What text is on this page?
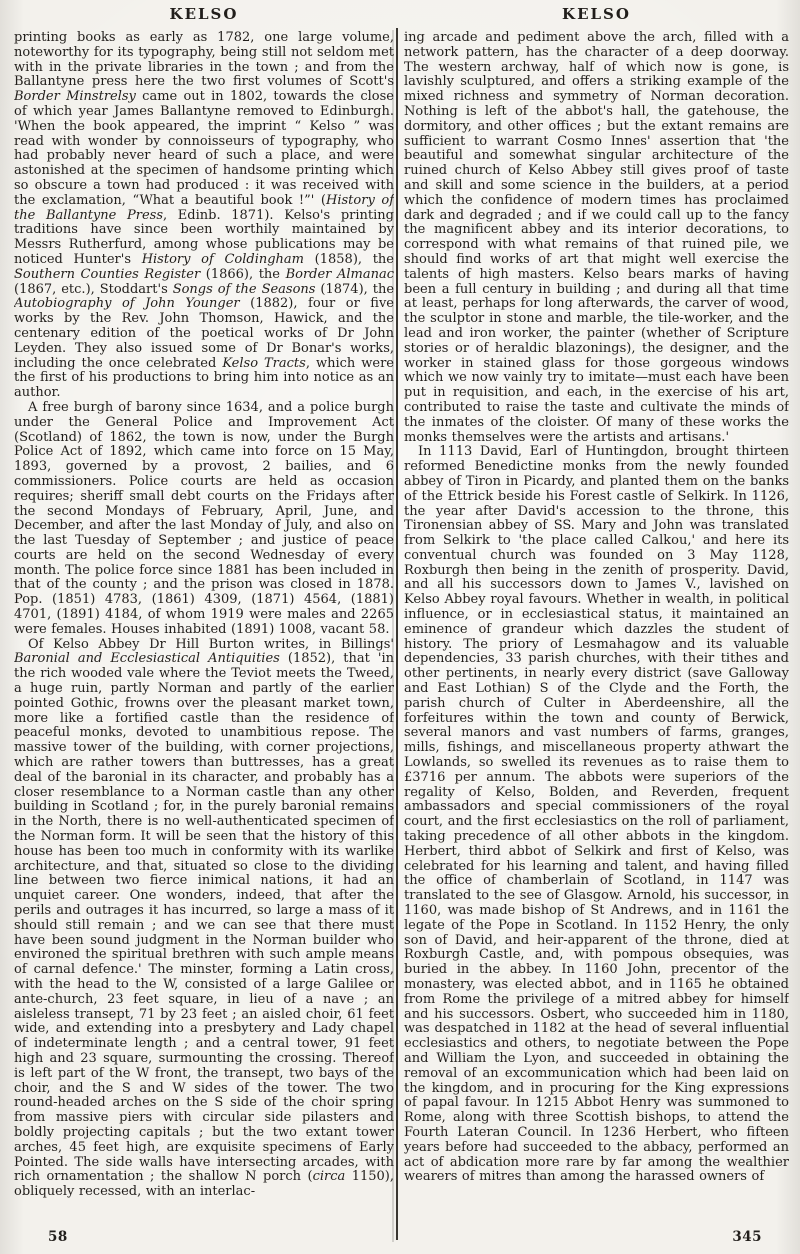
KELSO	KELSO

printing books as early as 1782, one large volume, noteworthy for its typography, being still not seldom met with in the private libraries in the town ; and from the Ballantyne press here the two first volumes of Scott's Border Minstrelsy came out in 1802, towards the close of which year James Ballantyne removed to Edinburgh. 'When the book appeared, the imprint “ Kelso ” was read with wonder by connoisseurs of typography, who had probably never heard of such a place, and were astonished at the specimen of handsome printing which so obscure a town had produced : it was received with the exclamation, “What a beautiful book !”' (History of the Ballantyne Press, Edinb. 1871). Kelso's printing traditions have since been worthily maintained by Messrs Rutherfurd, among whose publications may be noticed Hunter's History of Coldingham (1858), the Southern Counties Register (1866), the Border Almanac (1867, etc.), Stoddart's Songs of the Seasons (1874), the Autobiography of John Younger (1882), four or five works by the Rev. John Thomson, Hawick, and the centenary edition of the poetical works of Dr John Leyden. They also issued some of Dr Bonar's works, including the once celebrated Kelso Tracts, which were the first of his productions to bring him into notice as an author.

A free burgh of barony since 1634, and a police burgh under the General Police and Improvement Act (Scotland) of 1862, the town is now, under the Burgh Police Act of 1892, which came into force on 15 May, 1893, governed by a provost, 2 bailies, and 6 commissioners. Police courts are held as occasion requires; sheriff small debt courts on the Fridays after the second Mondays of February, April, June, and December, and after the last Monday of July, and also on the last Tuesday of September ; and justice of peace courts are held on the second Wednesday of every month. The police force since 1881 has been included in that of the county ; and the prison was closed in 1878. Pop. (1851) 4783, (1861) 4309, (1871) 4564, (1881) 4701, (1891) 4184, of whom 1919 were males and 2265 were females. Houses inhabited (1891) 1008, vacant 58.

Of Kelso Abbey Dr Hill Burton writes, in Billings' Baronial and Ecclesiastical Antiquities (1852), that 'in the rich wooded vale where the Teviot meets the Tweed, a huge ruin, partly Norman and partly of the earlier pointed Gothic, frowns over the pleasant market town, more like a fortified castle than the residence of peaceful monks, devoted to unambitious repose. The massive tower of the building, with corner projections, which are rather towers than buttresses, has a great deal of the baronial in its character, and probably has a closer resemblance to a Norman castle than any other building in Scotland ; for, in the purely baronial remains in the North, there is no well-authenticated specimen of the Norman form. It will be seen that the history of this house has been too much in conformity with its warlike architecture, and that, situated so close to the dividing line between two fierce inimical nations, it had an unquiet career. One wonders, indeed, that after the perils and outrages it has incurred, so large a mass of it should still remain ; and we can see that there must have been sound judgment in the Norman builder who environed the spiritual brethren with such ample means of carnal defence.' The minster, forming a Latin cross, with the head to the W, consisted of a large Galilee or ante-church, 23 feet square, in lieu of a nave ; an aisleless transept, 71 by 23 feet ; an aisled choir, 61 feet wide, and extending into a presbytery and Lady chapel of indeterminate length ; and a central tower, 91 feet high and 23 square, surmounting the crossing. Thereof is left part of the W front, the transept, two bays of the choir, and the S and W sides of the tower. The two round-headed arches on the S side of the choir spring from massive piers with circular side pilasters and boldly projecting capitals ; but the two extant tower arches, 45 feet high, are exquisite specimens of Early Pointed. The side walls have intersecting arcades, with rich ornamentation ; the shallow N porch (circa 1150), obliquely recessed, with an interlac-

ing arcade and pediment above the arch, filled with a network pattern, has the character of a deep doorway. The western archway, half of which now is gone, is lavishly sculptured, and offers a striking example of the mixed richness and symmetry of Norman decoration. Nothing is left of the abbot's hall, the gatehouse, the dormitory, and other offices ; but the extant remains are sufficient to warrant Cosmo Innes' assertion that 'the beautiful and somewhat singular architecture of the ruined church of Kelso Abbey still gives proof of taste and skill and some science in the builders, at a period which the confidence of modern times has proclaimed dark and degraded ; and if we could call up to the fancy the magnificent abbey and its interior decorations, to correspond with what remains of that ruined pile, we should find works of art that might well exercise the talents of high masters. Kelso bears marks of having been a full century in building ; and during all that time at least, perhaps for long afterwards, the carver of wood, the sculptor in stone and marble, the tile-worker, and the lead and iron worker, the painter (whether of Scripture stories or of heraldic blazonings), the designer, and the worker in stained glass for those gorgeous windows which we now vainly try to imitate—must each have been put in requisition, and each, in the exercise of his art, contributed to raise the taste and cultivate the minds of the inmates of the cloister. Of many of these works the monks themselves were the artists and artisans.'

In 1113 David, Earl of Huntingdon, brought thirteen reformed Benedictine monks from the newly founded abbey of Tiron in Picardy, and planted them on the banks of the Ettrick beside his Forest castle of Selkirk. In 1126, the year after David's accession to the throne, this Tironensian abbey of SS. Mary and John was translated from Selkirk to 'the place called Calkou,' and here its conventual church was founded on 3 May 1128, Roxburgh then being in the zenith of prosperity. David, and all his successors down to James V., lavished on Kelso Abbey royal favours. Whether in wealth, in political influence, or in ecclesiastical status, it maintained an eminence of grandeur which dazzles the student of history. The priory of Lesmahagow and its valuable dependencies, 33 parish churches, with their tithes and other pertinents, in nearly every district (save Galloway and East Lothian) S of the Clyde and the Forth, the parish church of Culter in Aberdeenshire, all the forfeitures within the town and county of Berwick, several manors and vast numbers of farms, granges, mills, fishings, and miscellaneous property athwart the Lowlands, so swelled its revenues as to raise them to £3716 per annum. The abbots were superiors of the regality of Kelso, Bolden, and Reverden, frequent ambassadors and special commissioners of the royal court, and the first ecclesiastics on the roll of parliament, taking precedence of all other abbots in the kingdom. Herbert, third abbot of Selkirk and first of Kelso, was celebrated for his learning and talent, and having filled the office of chamberlain of Scotland, in 1147 was translated to the see of Glasgow. Arnold, his successor, in 1160, was made bishop of St Andrews, and in 1161 the legate of the Pope in Scotland. In 1152 Henry, the only son of David, and heir-apparent of the throne, died at Roxburgh Castle, and, with pompous obsequies, was buried in the abbey. In 1160 John, precentor of the monastery, was elected abbot, and in 1165 he obtained from Rome the privilege of a mitred abbey for himself and his successors. Osbert, who succeeded him in 1180, was despatched in 1182 at the head of several influential ecclesiastics and others, to negotiate between the Pope and William the Lyon, and succeeded in obtaining the removal of an excommunication which had been laid on the kingdom, and in procuring for the King expressions of papal favour. In 1215 Abbot Henry was summoned to Rome, along with three Scottish bishops, to attend the Fourth Lateran Council. In 1236 Herbert, who fifteen years before had succeeded to the abbacy, performed an act of abdication more rare by far among the wealthier wearers of mitres than among the harassed owners of

58	345
